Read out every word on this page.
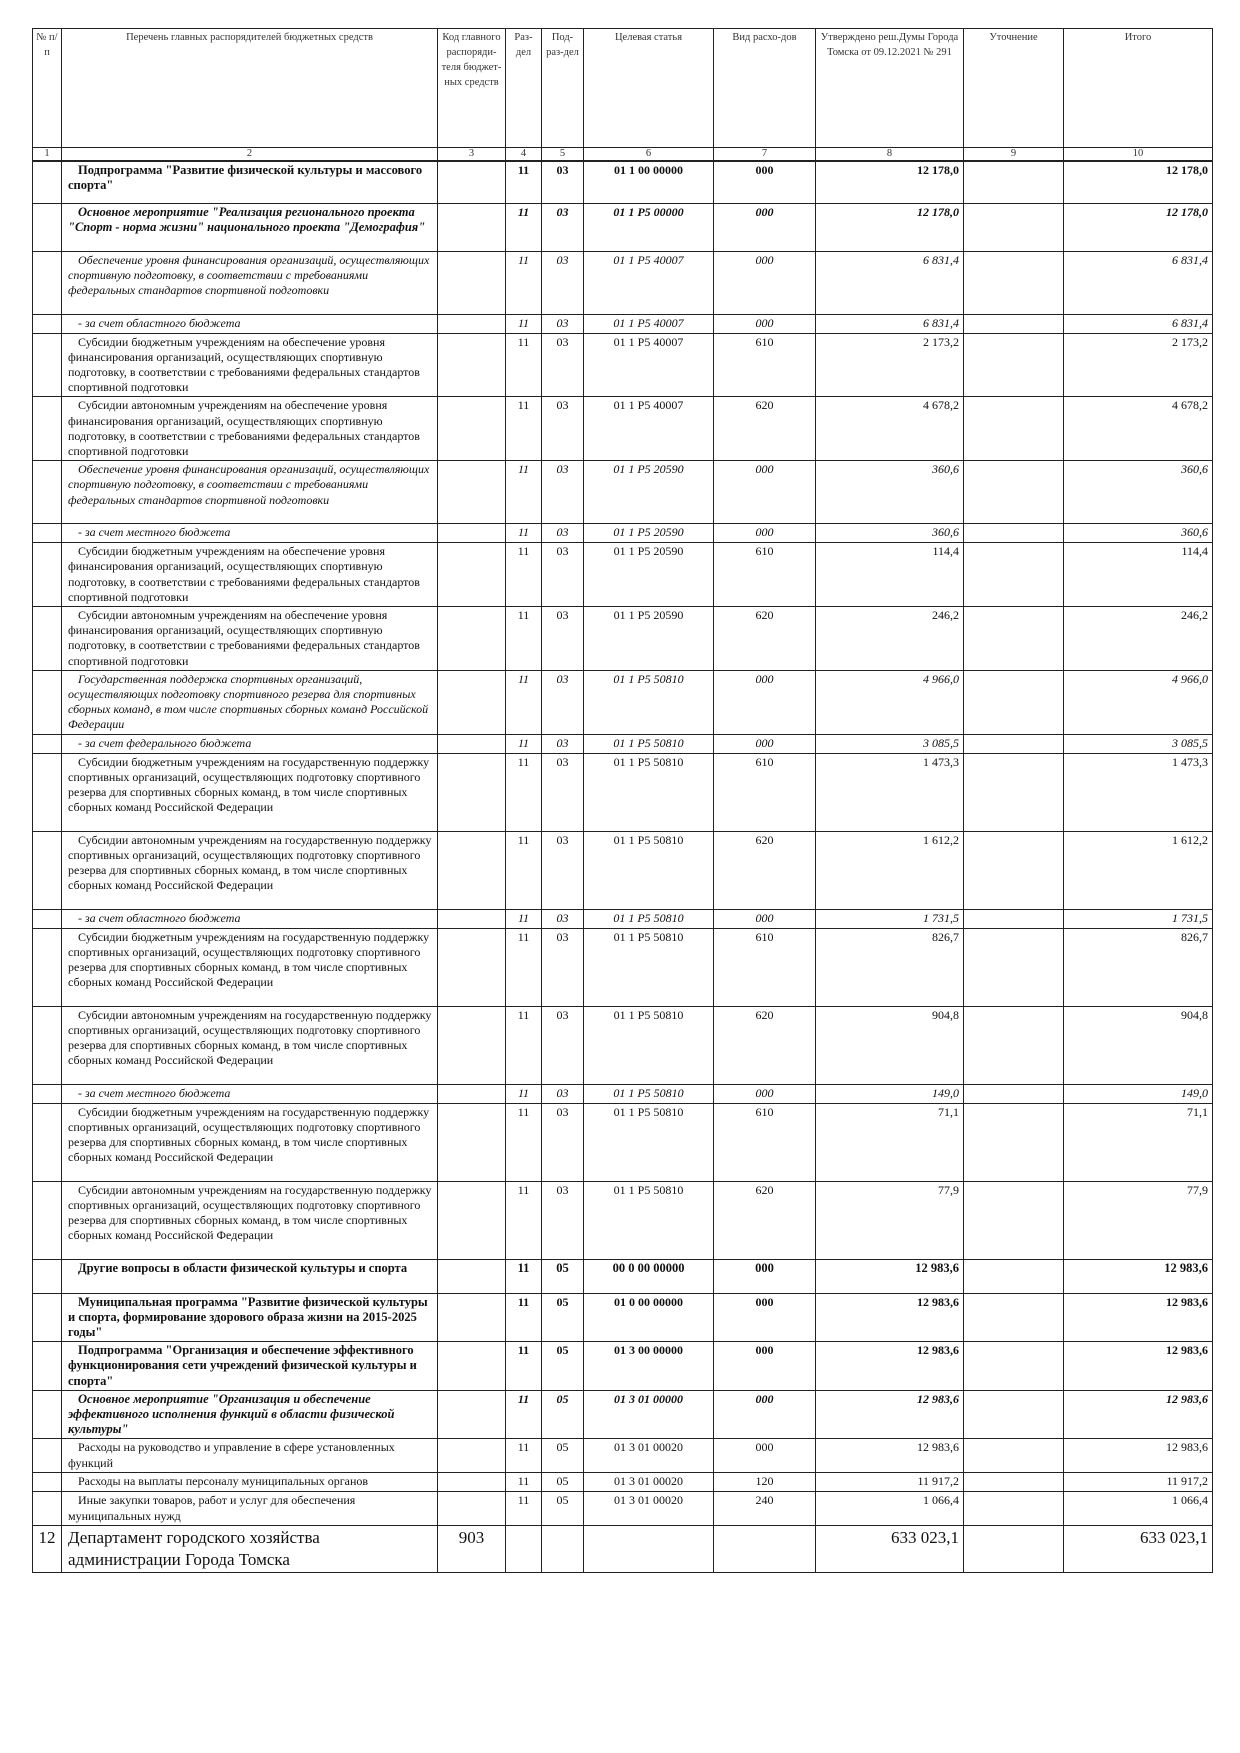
№ п/п	Перечень главных распорядителей бюджетных средств	Код главного распоряди-теля бюджет-ных средств	Раз-дел	Под-раз-дел	Целевая статья	Вид расхо-дов	Утверждено реш.Думы Города Томска от 09.12.2021 № 291	Уточнение	Итого
1	2	3	4	5	6	7	8	9	10
	Подпрограмма "Развитие физической культуры и массового спорта"		11	03	01 1 00 00000	000	12 178,0		12 178,0
	Основное мероприятие "Реализация регионального проекта "Спорт - норма жизни" национального проекта "Демография"		11	03	01 1 P5 00000	000	12 178,0		12 178,0
	Обеспечение уровня финансирования организаций, осуществляющих спортивную подготовку, в соответствии с требованиями федеральных стандартов спортивной подготовки		11	03	01 1 P5 40007	000	6 831,4		6 831,4
	- за счет областного бюджета		11	03	01 1 P5 40007	000	6 831,4		6 831,4
	Субсидии бюджетным учреждениям на обеспечение уровня финансирования организаций, осуществляющих спортивную подготовку, в соответствии с требованиями федеральных стандартов спортивной подготовки		11	03	01 1 P5 40007	610	2 173,2		2 173,2
	Субсидии автономным учреждениям на обеспечение уровня финансирования организаций, осуществляющих спортивную подготовку, в соответствии с требованиями федеральных стандартов спортивной подготовки		11	03	01 1 P5 40007	620	4 678,2		4 678,2
	Обеспечение уровня финансирования организаций, осуществляющих спортивную подготовку, в соответствии с требованиями федеральных стандартов спортивной подготовки		11	03	01 1 P5 20590	000	360,6		360,6
	- за счет местного бюджета		11	03	01 1 P5 20590	000	360,6		360,6
	Субсидии бюджетным учреждениям на обеспечение уровня финансирования организаций, осуществляющих спортивную подготовку, в соответствии с требованиями федеральных стандартов спортивной подготовки		11	03	01 1 P5 20590	610	114,4		114,4
	Субсидии автономным учреждениям на обеспечение уровня финансирования организаций, осуществляющих спортивную подготовку, в соответствии с требованиями федеральных стандартов спортивной подготовки		11	03	01 1 P5 20590	620	246,2		246,2
	Государственная поддержка спортивных организаций, осуществляющих подготовку спортивного резерва для спортивных сборных команд, в том числе спортивных сборных команд Российской Федерации		11	03	01 1 P5 50810	000	4 966,0		4 966,0
	- за счет федерального бюджета		11	03	01 1 P5 50810	000	3 085,5		3 085,5
	Субсидии бюджетным учреждениям на государственную поддержку спортивных организаций, осуществляющих подготовку спортивного резерва для спортивных сборных команд, в том числе спортивных сборных команд Российской Федерации		11	03	01 1 P5 50810	610	1 473,3		1 473,3
	Субсидии автономным учреждениям на государственную поддержку спортивных организаций, осуществляющих подготовку спортивного резерва для спортивных сборных команд, в том числе спортивных сборных команд Российской Федерации		11	03	01 1 P5 50810	620	1 612,2		1 612,2
	- за счет областного бюджета		11	03	01 1 P5 50810	000	1 731,5		1 731,5
	Субсидии бюджетным учреждениям на государственную поддержку спортивных организаций, осуществляющих подготовку спортивного резерва для спортивных сборных команд, в том числе спортивных сборных команд Российской Федерации		11	03	01 1 P5 50810	610	826,7		826,7
	Субсидии автономным учреждениям на государственную поддержку спортивных организаций, осуществляющих подготовку спортивного резерва для спортивных сборных команд, в том числе спортивных сборных команд Российской Федерации		11	03	01 1 P5 50810	620	904,8		904,8
	- за счет местного бюджета		11	03	01 1 P5 50810	000	149,0		149,0
	Субсидии бюджетным учреждениям на государственную поддержку спортивных организаций, осуществляющих подготовку спортивного резерва для спортивных сборных команд, в том числе спортивных сборных команд Российской Федерации		11	03	01 1 P5 50810	610	71,1		71,1
	Субсидии автономным учреждениям на государственную поддержку спортивных организаций, осуществляющих подготовку спортивного резерва для спортивных сборных команд, в том числе спортивных сборных команд Российской Федерации		11	03	01 1 P5 50810	620	77,9		77,9
	Другие вопросы в области физической культуры и спорта		11	05	00 0 00 00000	000	12 983,6		12 983,6
	Муниципальная программа "Развитие физической культуры и спорта, формирование здорового образа жизни на 2015-2025 годы"		11	05	01 0 00 00000	000	12 983,6		12 983,6
	Подпрограмма "Организация и обеспечение эффективного функционирования сети учреждений физической культуры и спорта"		11	05	01 3 00 00000	000	12 983,6		12 983,6
	Основное мероприятие "Организация и обеспечение эффективного исполнения функций в области физической культуры"		11	05	01 3 01 00000	000	12 983,6		12 983,6
	Расходы на руководство и управление в сфере установленных функций		11	05	01 3 01 00020	000	12 983,6		12 983,6
	Расходы на выплаты персоналу муниципальных органов		11	05	01 3 01 00020	120	11 917,2		11 917,2
	Иные закупки товаров, работ и услуг для обеспечения муниципальных нужд		11	05	01 3 01 00020	240	1 066,4		1 066,4
12	Департамент городского хозяйства администрации Города Томска	903					633 023,1		633 023,1
